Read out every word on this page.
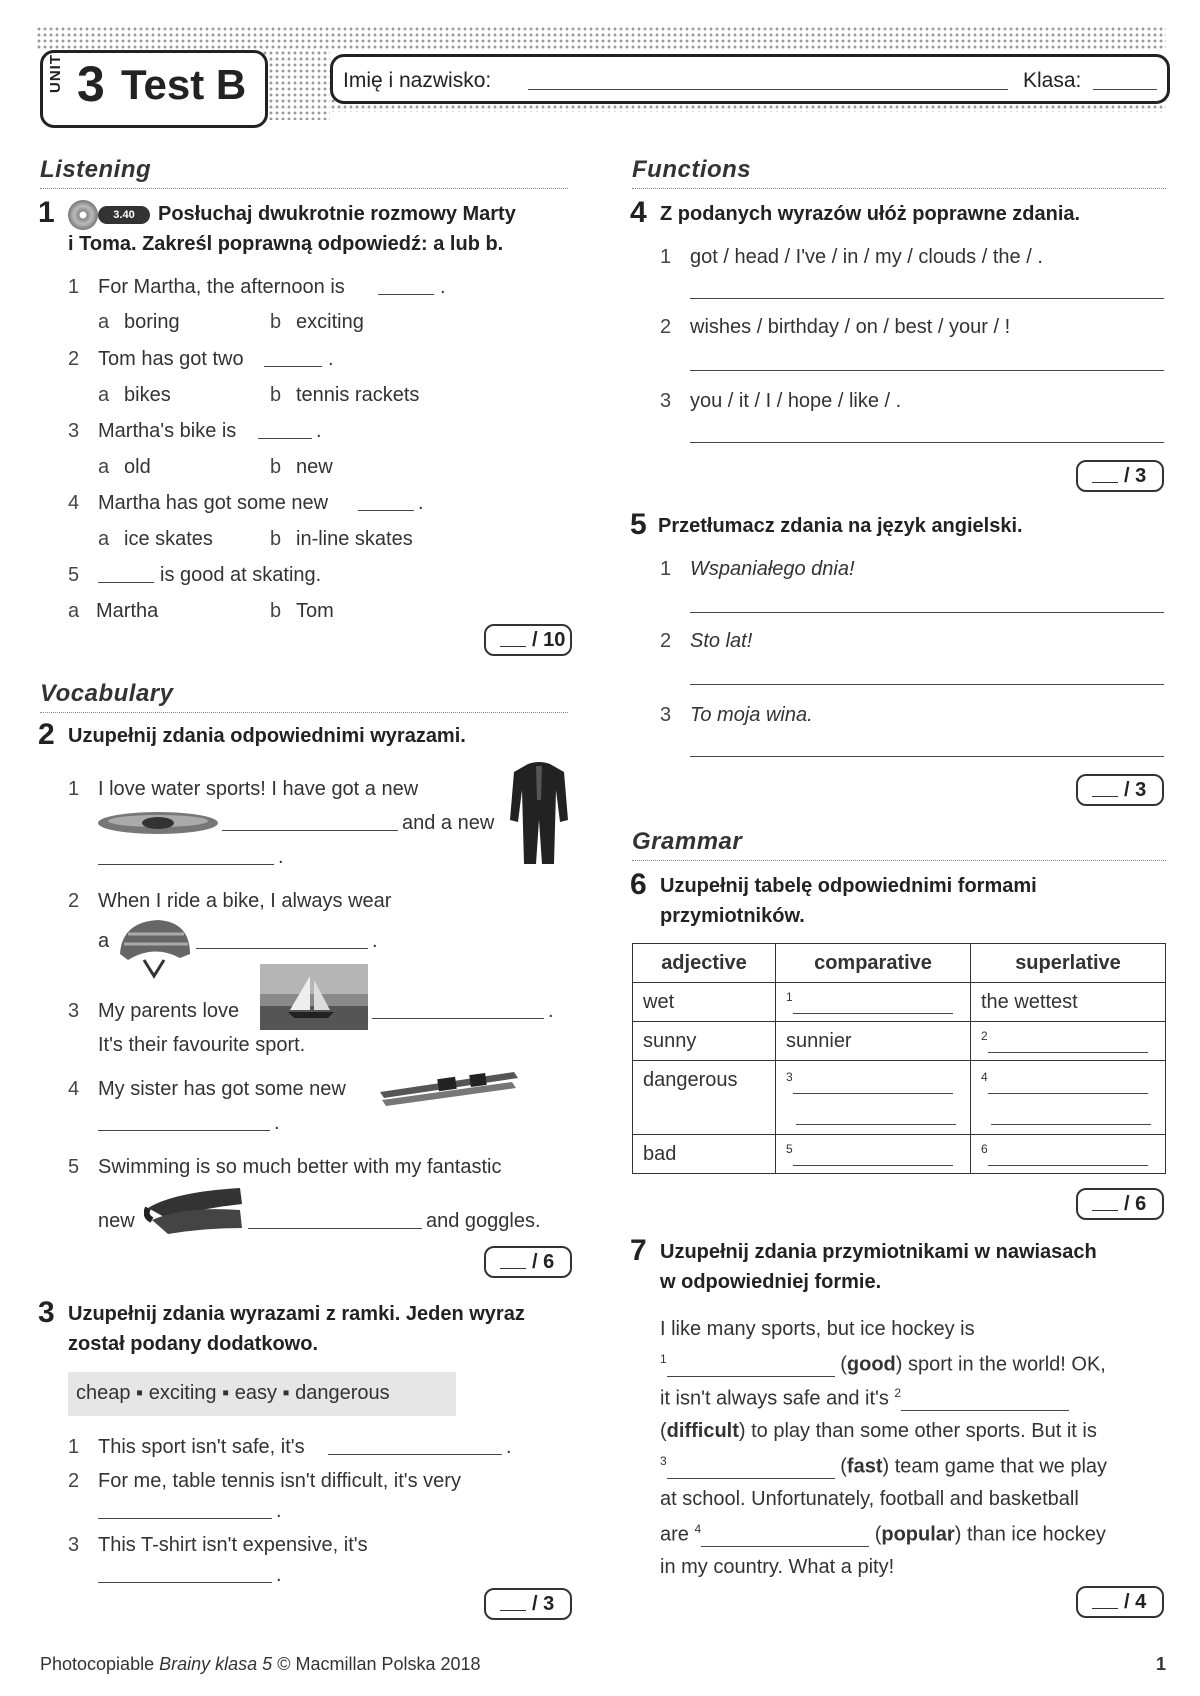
UNIT 3 Test B	Imię i nazwisko:	Klasa:
Listening
1	3.40	Posłuchaj dwukrotnie rozmowy Marty
i Toma. Zakreśl poprawną odpowiedź: a lub b.
1 For Martha, the afternoon is	.
a boring	b exciting
2 Tom has got two	.
a bikes	b tennis rackets
3 Martha's bike is	.
a old	b new
4 Martha has got some new	.
a ice skates	b in-line skates
5	is good at skating.
a Martha	b Tom
/ 10
Vocabulary
2 Uzupełnij zdania odpowiednimi wyrazami.
1 I love water sports! I have got a new
and a new
.
2 When I ride a bike, I always wear
a	.
3 My parents love	.
It's their favourite sport.
4 My sister has got some new
.
5 Swimming is so much better with my fantastic
new	and goggles.
/ 6
3 Uzupełnij zdania wyrazami z ramki. Jeden wyraz
został podany dodatkowo.
cheap ▪ exciting ▪ easy ▪ dangerous
1 This sport isn't safe, it's	.
2 For me, table tennis isn't difficult, it's very
.
3 This T-shirt isn't expensive, it's
.
/ 3
Functions
4 Z podanych wyrazów ułóż poprawne zdania.
1 got / head / I've / in / my / clouds / the / .
2 wishes / birthday / on / best / your / !
3 you / it / I / hope / like / .
/ 3
5 Przetłumacz zdania na język angielski.
1 Wspaniałego dnia!
2 Sto lat!
3 To moja wina.
/ 3
Grammar
6 Uzupełnij tabelę odpowiednimi formami
przymiotników.
adjective	comparative	superlative
wet	$^1$	the wettest
sunny	sunnier	$^2$
dangerous	$^3$	$^4$

bad	$^5$	$^6$
/ 6
7 Uzupełnij zdania przymiotnikami w nawiasach
w odpowiedniej formie.
I like many sports, but ice hockey is
$^1$	(good) sport in the world! OK,
it isn't always safe and it's $^2$
(difficult) to play than some other sports. But it is
$^3$	(fast) team game that we play
at school. Unfortunately, football and basketball
are $^4$	(popular) than ice hockey
in my country. What a pity!
/ 4
Photocopiable Brainy klasa 5 © Macmillan Polska 2018	1
